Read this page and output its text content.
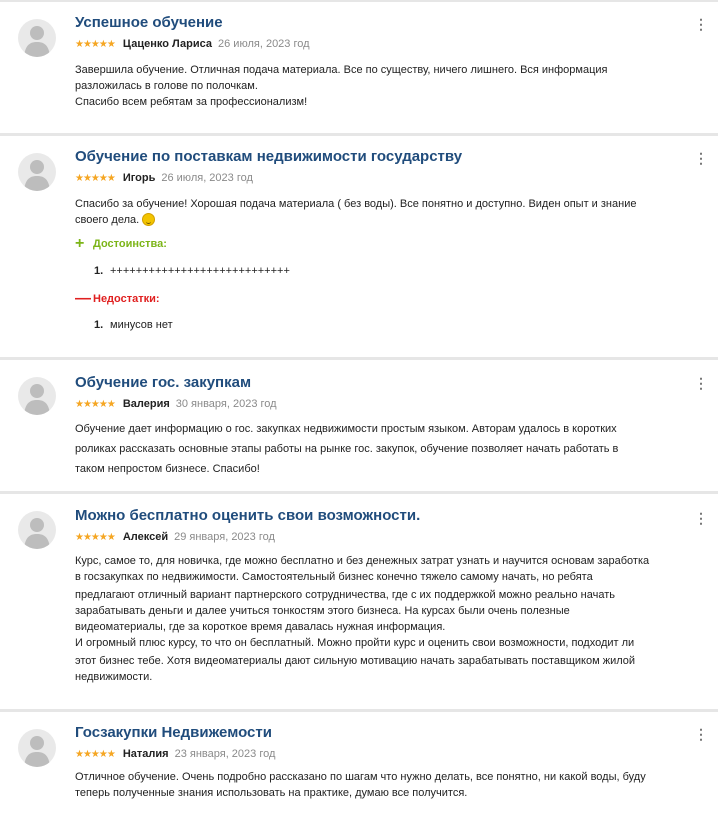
Успешное обучение
★★★★★ Цаценко Лариса 26 июля, 2023 год
⋮

Завершила обучение. Отличная подача материала. Все по существу, ничего лишнего. Вся информация

разложилась в голове по полочкам.

Спасибо всем ребятам за профессионализм!

Обучение по поставкам недвижимости государству
★★★★★ Игорь 26 июля, 2023 год
⋮

Спасибо за обучение! Хорошая подача материала ( без воды). Все понятно и доступно. Виден опыт и знание

своего дела.

+ Достоинства:
1. ++++++++++++++++++++++++++++
— Недостатки:
1. минусов нет
Обучение гос. закупкам
★★★★★ Валерия 30 января, 2023 год
⋮

Обучение дает информацию о гос. закупках недвижимости простым языком. Авторам удалось в коротких

роликах рассказать основные этапы работы на рынке гос. закупок, обучение позволяет начать работать в

таком непростом бизнесе. Спасибо!

Можно бесплатно оценить свои возможности.
★★★★★ Алексей 29 января, 2023 год
⋮

Курс, самое то, для новичка, где можно бесплатно и без денежных затрат узнать и научится основам заработка

в госзакупках по недвижимости. Самостоятельный бизнес конечно тяжело самому начать, но ребята

предлагают отличный вариант партнерского сотрудничества, где с их поддержкой можно реально начать

зарабатывать деньги и далее учиться тонкостям этого бизнеса. На курсах были очень полезные

видеоматериалы, где за короткое время давалась нужная информация.

И огромный плюс курсу, то что он бесплатный. Можно пройти курс и оценить свои возможности, подходит ли

этот бизнес тебе. Хотя видеоматериалы дают сильную мотивацию начать зарабатывать поставщиком жилой

недвижимости.

Госзакупки Недвижемости
★★★★★ Наталия 23 января, 2023 год
⋮

Отличное обучение. Очень подробно рассказано по шагам что нужно делать, все понятно, ни какой воды, буду

теперь полученные знания использовать на практике, думаю все получится.
